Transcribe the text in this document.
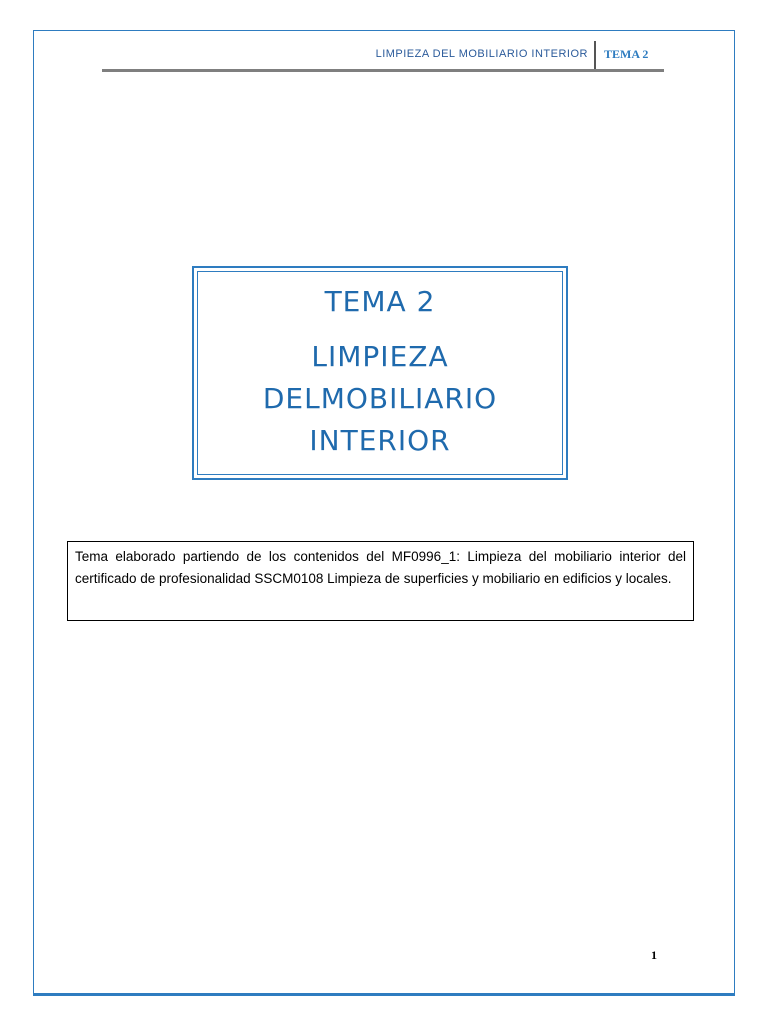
LIMPIEZA DEL MOBILIARIO INTERIOR TEMA 2
TEMA 2
LIMPIEZA
DELMOBILIARIO
INTERIOR
Tema elaborado partiendo de los contenidos del MF0996_1: Limpieza del mobiliario interior del certificado de profesionalidad SSCM0108 Limpieza de superficies y mobiliario en edificios y locales.
1
